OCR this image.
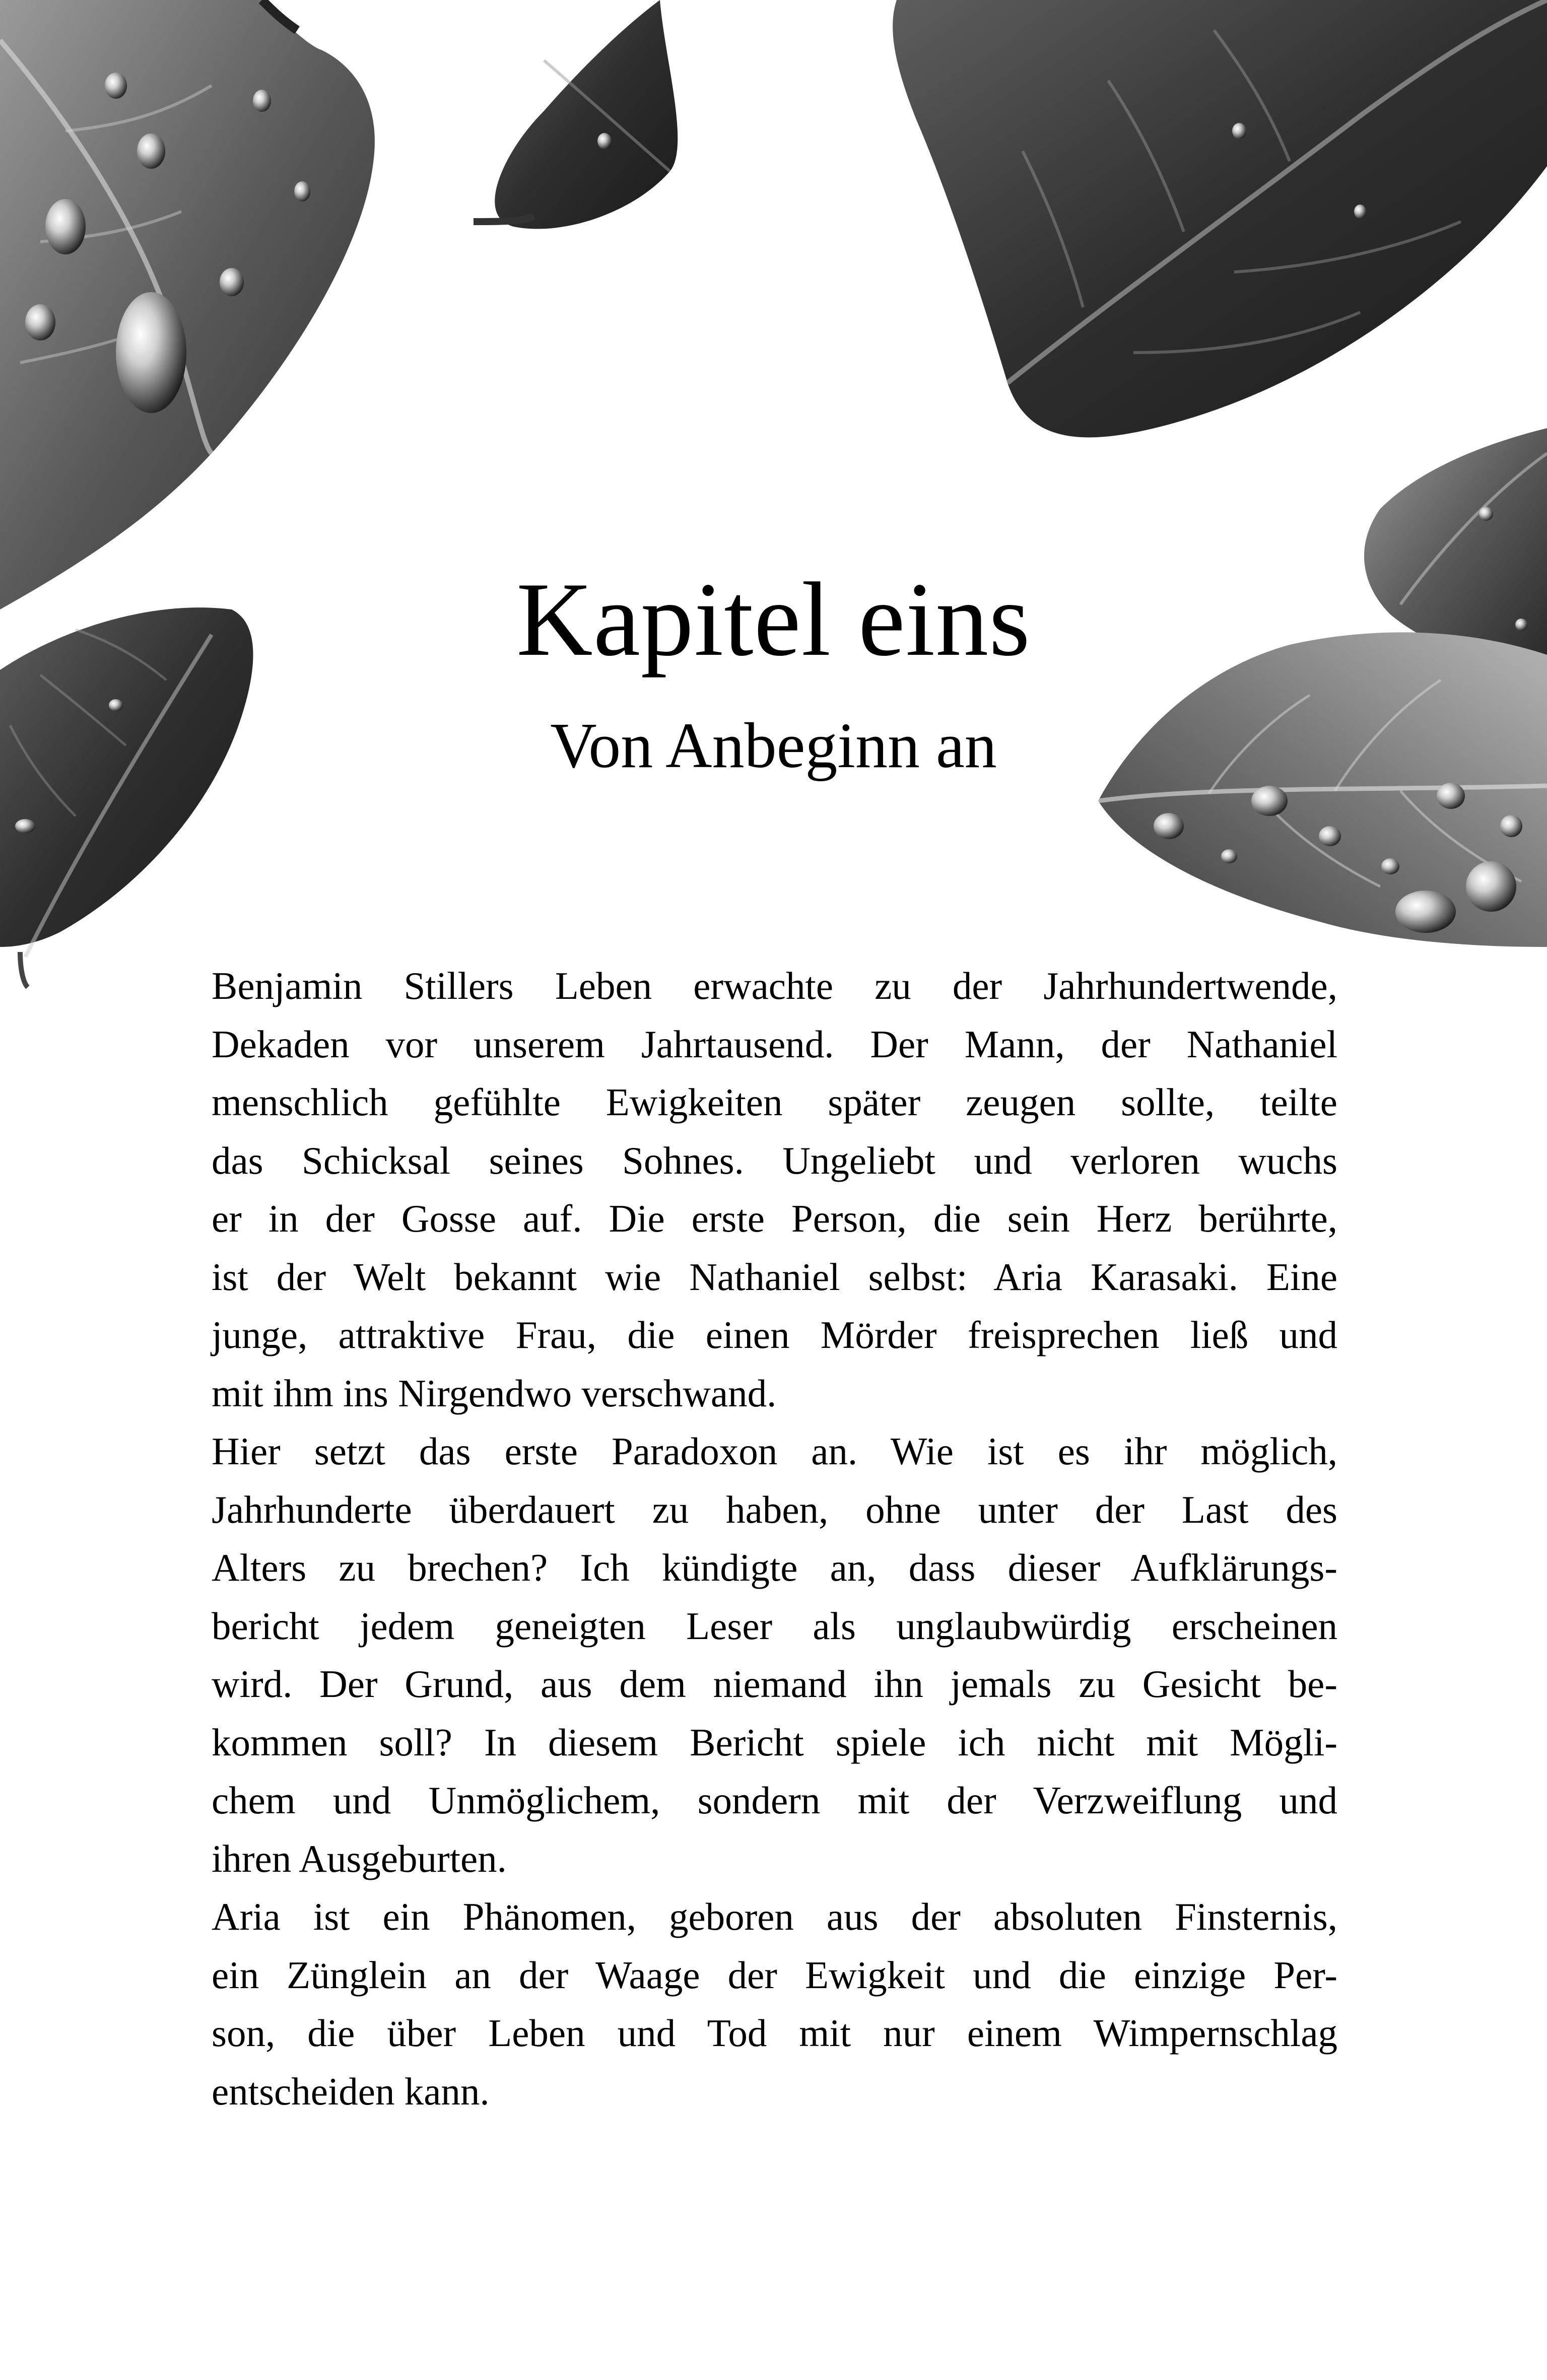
Kapitel eins
Von Anbeginn an

Benjamin Stillers Leben erwachte zu der Jahrhundertwende,
Dekaden vor unserem Jahrtausend. Der Mann, der Nathaniel
menschlich gefühlte Ewigkeiten später zeugen sollte, teilte
das Schicksal seines Sohnes. Ungeliebt und verloren wuchs
er in der Gosse auf. Die erste Person, die sein Herz berührte,
ist der Welt bekannt wie Nathaniel selbst: Aria Karasaki. Eine
junge, attraktive Frau, die einen Mörder freisprechen ließ und
mit ihm ins Nirgendwo verschwand.

Hier setzt das erste Paradoxon an. Wie ist es ihr möglich,
Jahrhunderte überdauert zu haben, ohne unter der Last des
Alters zu brechen? Ich kündigte an, dass dieser Aufklärungs-
bericht jedem geneigten Leser als unglaubwürdig erscheinen
wird. Der Grund, aus dem niemand ihn jemals zu Gesicht be-
kommen soll? In diesem Bericht spiele ich nicht mit Mögli-
chem und Unmöglichem, sondern mit der Verzweiflung und
ihren Ausgeburten.

Aria ist ein Phänomen, geboren aus der absoluten Finsternis,
ein Zünglein an der Waage der Ewigkeit und die einzige Per-
son, die über Leben und Tod mit nur einem Wimpernschlag
entscheiden kann.
